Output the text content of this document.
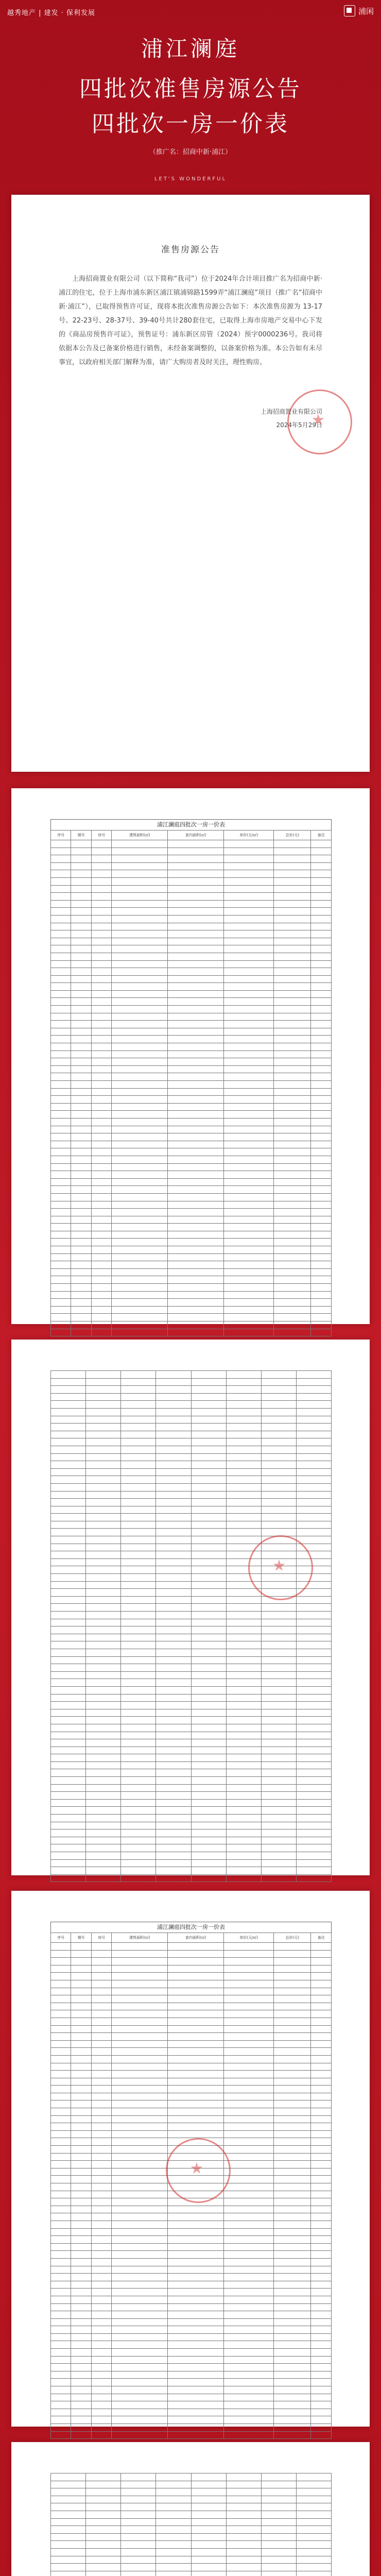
越秀地产 | 建发 · 保利发展	浦闲
浦江澜庭
四批次准售房源公告
四批次一房一价表
（推广名：招商中新·浦江）
LET'S WONDERFUL
准售房源公告
上海招商置业有限公司（以下简称“我司”）位于2024年合计项目推广名为招商中新·浦江的住宅，位于上海市浦东新区浦江镇浦锦路1599弄“浦江澜庭”项目（推广名“招商中新·浦江”），已取得预售许可证，现将本批次准售房源公告如下：本次准售房源为 13-17号、22-23号、28-37号、39-40号共计280套住宅，已取得上海市房地产交易中心下发的《商品房预售许可证》，预售证号：浦东新区房管（2024）预字0000236号。我司将依据本公告及已备案价格进行销售，未经备案调整的，以备案价格为准。本公告如有未尽事宜，以政府相关部门解释为准，请广大购房者及时关注，理性购房。
上海招商置业有限公司
2024年5月29日
浦江澜庭四批次一房一价表
序号	楼号	房号	建筑面积(㎡)	套内面积(㎡)	单价(元/㎡)	总价(元)	备注

浦江澜庭四批次一房一价表
序号	楼号	房号	建筑面积(㎡)	套内面积(㎡)	单价(元/㎡)	总价(元)	备注
